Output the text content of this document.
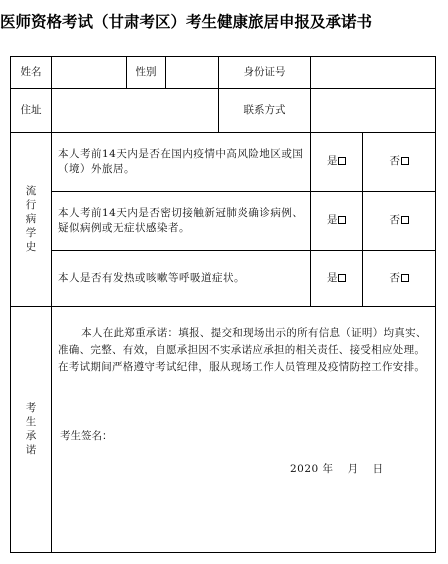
医师资格考试（甘肃考区）考生健康旅居申报及承诺书
姓名		性别		身份证号		
住址				联系方式		
流行病学史	本人考前14天内是否在国内疫情中高风险地区或国（境）外旅居。				是	否
	本人考前14天内是否密切接触新冠肺炎确诊病例、疑似病例或无症状感染者。				是	否
	本人是否有发热或咳嗽等呼吸道症状。				是	否
考生承诺	本人在此郑重承诺：填报、提交和现场出示的所有信息（证明）均真实、准确、完整、有效，自愿承担因不实承诺应承担的相关责任、接受相应处理。在考试期间严格遵守考试纪律，服从现场工作人员管理及疫情防控工作安排。
考生签名：
2020 年 月 日					
